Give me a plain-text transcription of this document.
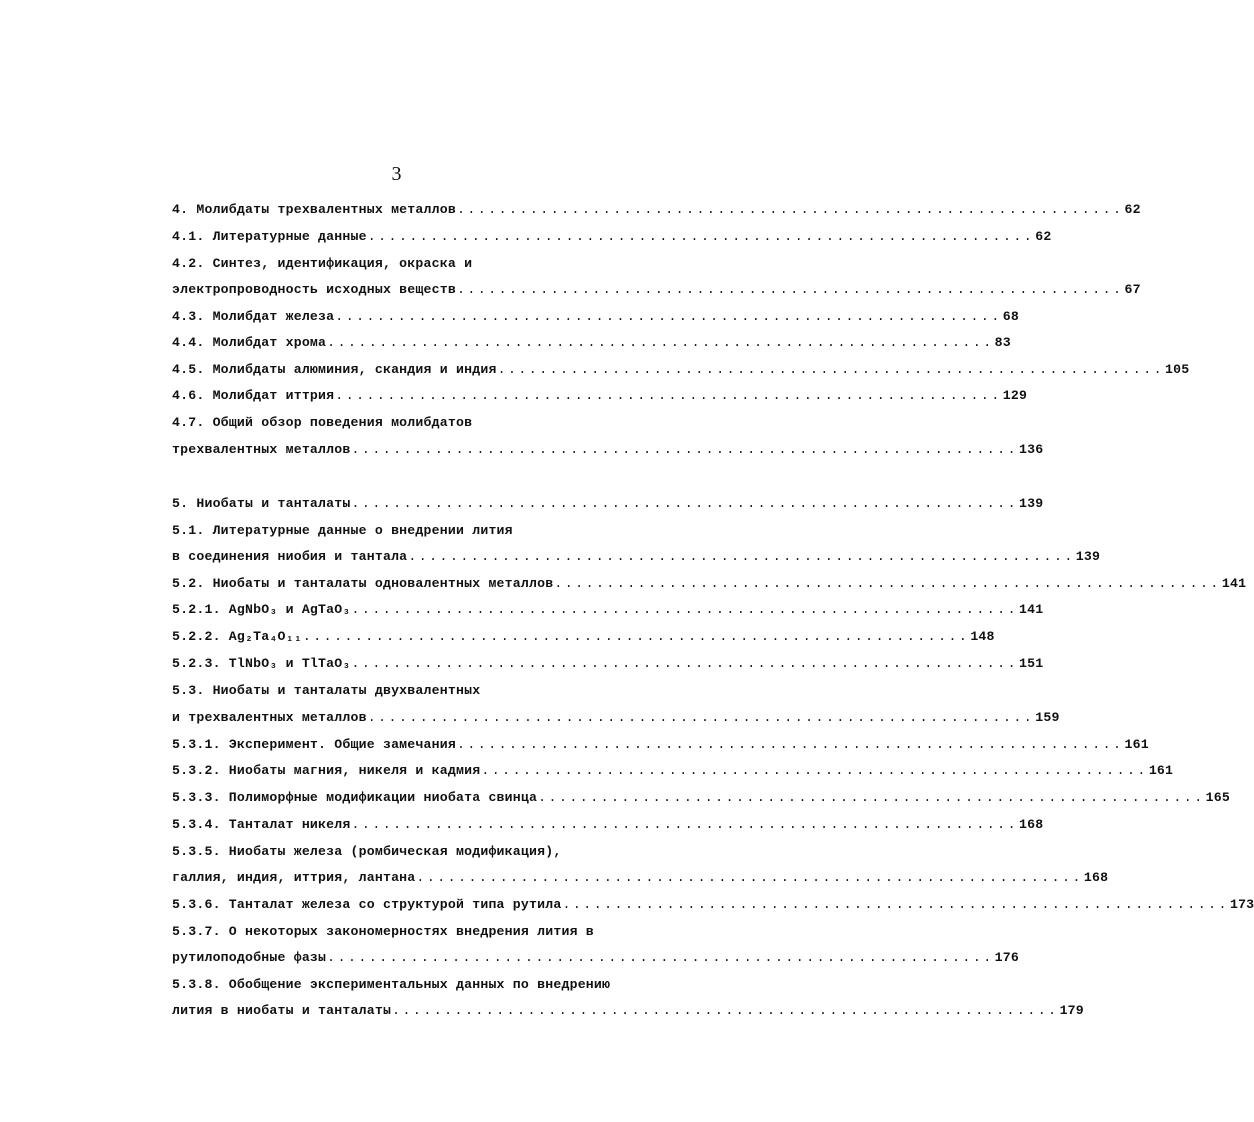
3
4. Молибдаты трехвалентных металлов ................................................................ 62
4.1. Литературные данные ................................................................ 62
4.2. Синтез, идентификация, окраска и
электропроводность исходных веществ ................................................................ 67
4.3. Молибдат железа ................................................................ 68
4.4. Молибдат хрома ................................................................ 83
4.5. Молибдаты алюминия, скандия и индия ................................................................ 105
4.6. Молибдат иттрия ................................................................ 129
4.7. Общий обзор поведения молибдатов
трехвалентных металлов ................................................................ 136
5. Ниобаты и танталаты ................................................................ 139
5.1. Литературные данные о внедрении лития
в соединения ниобия и тантала ................................................................ 139
5.2. Ниобаты и танталаты одновалентных металлов ................................................................ 141
5.2.1. AgNbO₃ и AgTaO₃ ................................................................ 141
5.2.2. Ag₂Ta₄O₁₁ ................................................................ 148
5.2.3. TlNbO₃ и TlTaO₃ ................................................................ 151
5.3. Ниобаты и танталаты двухвалентных
и трехвалентных металлов ................................................................ 159
5.3.1. Эксперимент. Общие замечания ................................................................ 161
5.3.2. Ниобаты магния, никеля и кадмия ................................................................ 161
5.3.3. Полиморфные модификации ниобата свинца ................................................................ 165
5.3.4. Танталат никеля ................................................................ 168
5.3.5. Ниобаты железа (ромбическая модификация),
галлия, индия, иттрия, лантана ................................................................ 168
5.3.6. Танталат железа со структурой типа рутила ................................................................ 173
5.3.7. О некоторых закономерностях внедрения лития в
рутилоподобные фазы ................................................................ 176
5.3.8. Обобщение экспериментальных данных по внедрению
лития в ниобаты и танталаты ................................................................ 179
